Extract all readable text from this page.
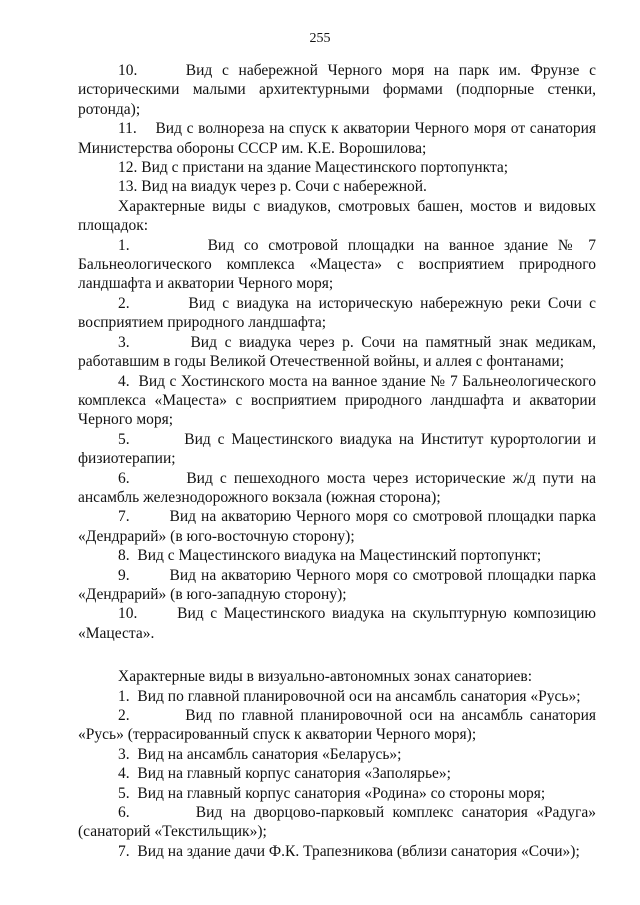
255

10.     Вид с набережной Черного моря на парк им. Фрунзе с историческими малыми архитектурными формами (подпорные стенки, ротонда);

11.    Вид с волнореза на спуск к акватории Черного моря от санатория Министерства обороны СССР им. К.Е. Ворошилова;

12. Вид с пристани на здание Мацестинского портопункта;

13. Вид на виадук через р. Сочи с набережной.

Характерные виды с виадуков, смотровых башен, мостов и видовых площадок:

1.        Вид со смотровой площадки на ванное здание № 7 Бальнеологического комплекса «Мацеста» с восприятием природного ландшафта и акватории Черного моря;

2.        Вид с виадука на историческую набережную реки Сочи с восприятием природного ландшафта;

3.        Вид с виадука через р. Сочи на памятный знак медикам, работавшим в годы Великой Отечественной войны, и аллея с фонтанами;

4.  Вид с Хостинского моста на ванное здание № 7 Бальнеологического комплекса «Мацеста» с восприятием природного ландшафта и акватории Черного моря;

5.        Вид с Мацестинского виадука на Институт курортологии и физиотерапии;

6.        Вид с пешеходного моста через исторические ж/д пути на ансамбль железнодорожного вокзала (южная сторона);

7.        Вид на акваторию Черного моря со смотровой площадки парка «Дендрарий» (в юго-восточную сторону);

8.  Вид с Мацестинского виадука на Мацестинский портопункт;

9.        Вид на акваторию Черного моря со смотровой площадки парка «Дендрарий» (в юго-западную сторону);

10.      Вид с Мацестинского виадука на скульптурную композицию «Мацеста».

Характерные виды в визуально-автономных зонах санаториев:

1.  Вид по главной планировочной оси на ансамбль санатория «Русь»;

2.        Вид по главной планировочной оси на ансамбль санатория «Русь» (террасированный спуск к акватории Черного моря);

3.  Вид на ансамбль санатория «Беларусь»;

4.  Вид на главный корпус санатория «Заполярье»;

5.  Вид на главный корпус санатория «Родина» со стороны моря;

6.        Вид на дворцово-парковый комплекс санатория «Радуга» (санаторий «Текстильщик»);

7.  Вид на здание дачи Ф.К. Трапезникова (вблизи санатория «Сочи»);
